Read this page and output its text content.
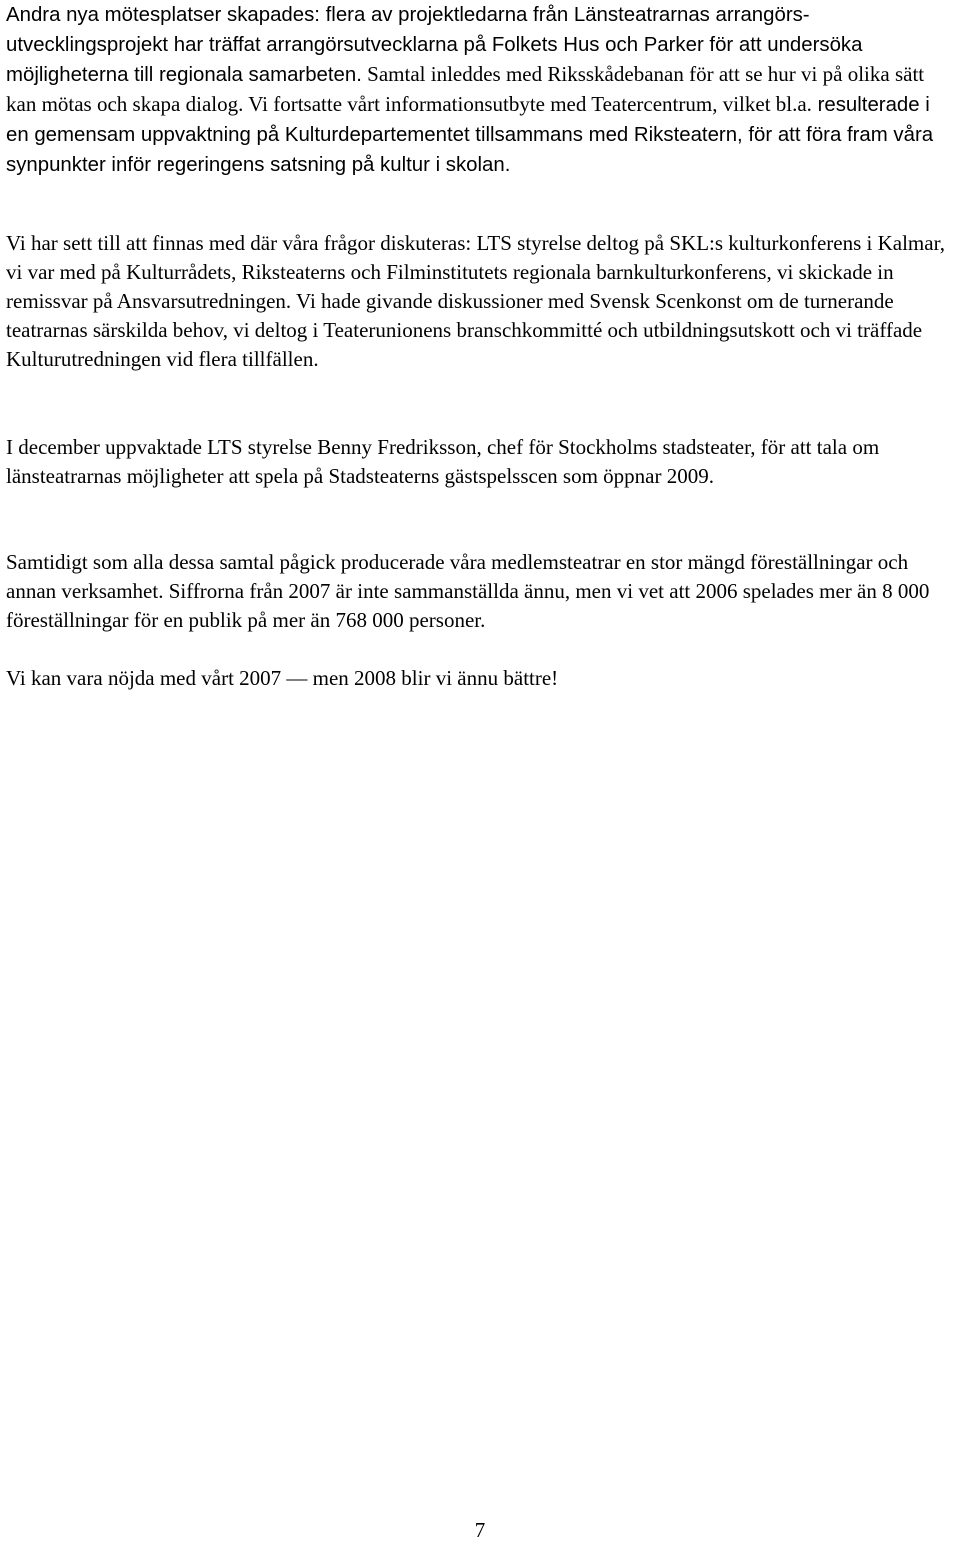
Andra nya mötesplatser skapades: flera av projektledarna från Länsteatrarnas arrangörs-utvecklingsprojekt har träffat arrangörsutvecklarna på Folkets Hus och Parker för att undersöka möjligheterna till regionala samarbeten. Samtal inleddes med Riksskådebanan för att se hur vi på olika sätt kan mötas och skapa dialog. Vi fortsatte vårt informationsutbyte med Teatercentrum, vilket bl.a. resulterade i en gemensam uppvaktning på Kulturdepartementet tillsammans med Riksteatern, för att föra fram våra synpunkter inför regeringens satsning på kultur i skolan.

Vi har sett till att finnas med där våra frågor diskuteras: LTS styrelse deltog på SKL:s kulturkonferens i Kalmar, vi var med på Kulturrådets, Riksteaterns och Filminstitutets regionala barnkulturkonferens, vi skickade in remissvar på Ansvarsutredningen. Vi hade givande diskussioner med Svensk Scenkonst om de turnerande teatrarnas särskilda behov, vi deltog i Teaterunionens branschkommitté och utbildningsutskott och vi träffade Kulturutredningen vid flera tillfällen.

I december uppvaktade LTS styrelse Benny Fredriksson, chef för Stockholms stadsteater, för att tala om länsteatrarnas möjligheter att spela på Stadsteaterns gästspelsscen som öppnar 2009.

Samtidigt som alla dessa samtal pågick producerade våra medlemsteatrar en stor mängd föreställningar och annan verksamhet. Siffrorna från 2007 är inte sammanställda ännu, men vi vet att 2006 spelades mer än 8 000 föreställningar för en publik på mer än 768 000 personer.

Vi kan vara nöjda med vårt 2007 — men 2008 blir vi ännu bättre!

7
